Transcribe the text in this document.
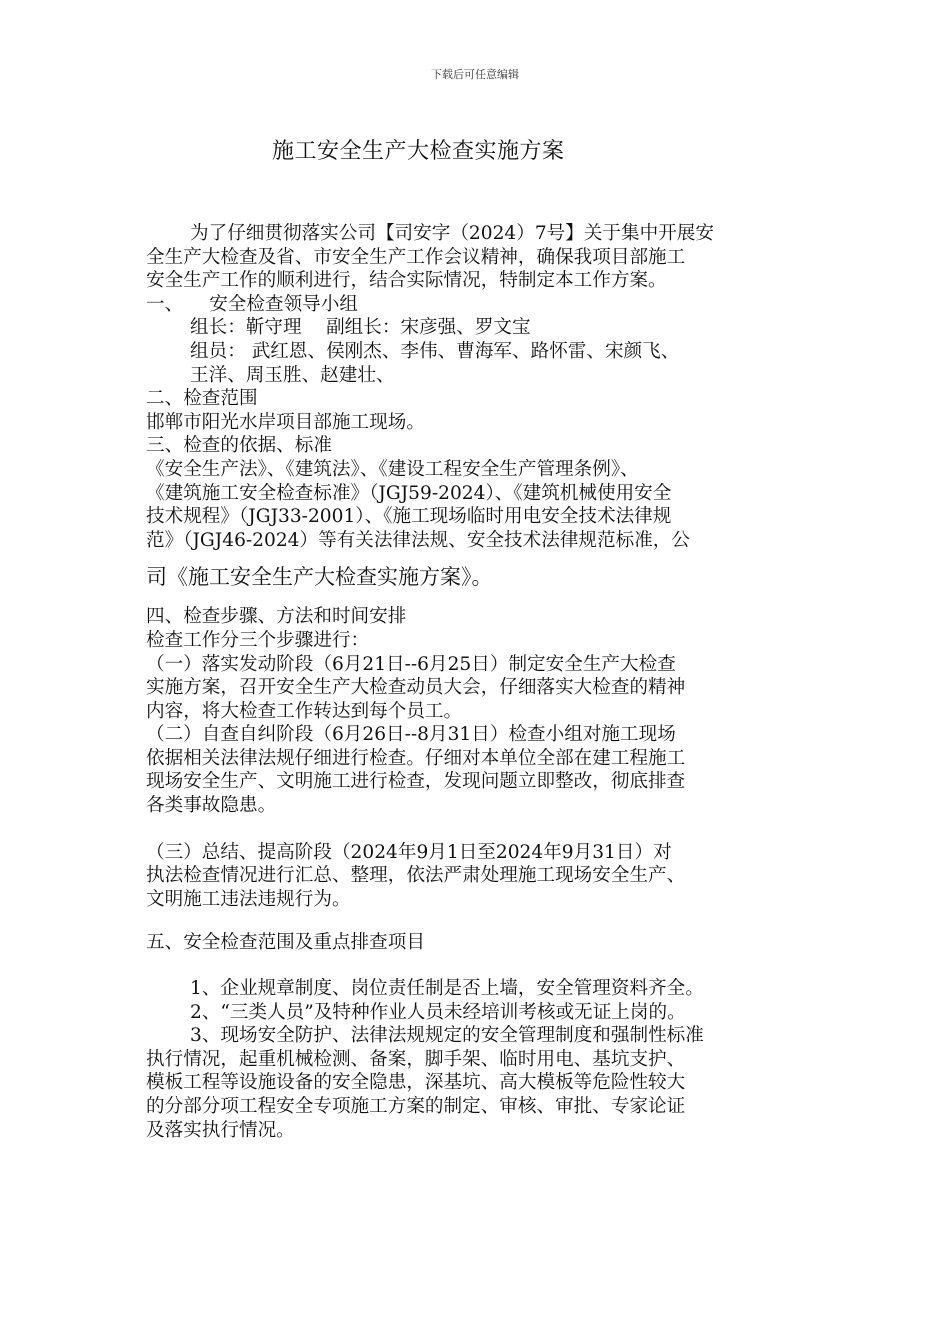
下载后可任意编辑
施工安全生产大检查实施方案

为了仔细贯彻落实公司【司安字（2024）7号】关于集中开展安

全生产大检查及省、市安全生产工作会议精神，确保我项目部施工

安全生产工作的顺利进行，结合实际情况，特制定本工作方案。

一、 安全检查领导小组

组长：靳守理　 副组长：宋彦强、罗文宝

组员： 武红恩、侯刚杰、李伟、曹海军、路怀雷、宋颜飞、

王洋、周玉胜、赵建壮、

二、检查范围

邯郸市阳光水岸项目部施工现场。

三、检查的依据、标准

《安全生产法》、《建筑法》、《建设工程安全生产管理条例》、

《建筑施工安全检查标准》（JGJ59-2024）、《建筑机械使用安全

技术规程》（JGJ33-2001）、《施工现场临时用电安全技术法律规

范》（JGJ46-2024）等有关法律法规、安全技术法律规范标准，公

司《施工安全生产大检查实施方案》。

四、检查步骤、方法和时间安排

检查工作分三个步骤进行：

（一）落实发动阶段（6月21日--6月25日）制定安全生产大检查

实施方案，召开安全生产大检查动员大会，仔细落实大检查的精神

内容，将大检查工作转达到每个员工。

（二）自查自纠阶段（6月26日--8月31日）检查小组对施工现场

依据相关法律法规仔细进行检查。仔细对本单位全部在建工程施工

现场安全生产、文明施工进行检查，发现问题立即整改，彻底排查

各类事故隐患。

（三）总结、提高阶段（2024年9月1日至2024年9月31日）对

执法检查情况进行汇总、整理，依法严肃处理施工现场安全生产、

文明施工违法违规行为。

五、安全检查范围及重点排查项目

1、企业规章制度、岗位责任制是否上墙，安全管理资料齐全。

2、“三类人员”及特种作业人员未经培训考核或无证上岗的。

3、现场安全防护、法律法规规定的安全管理制度和强制性标准

执行情况，起重机械检测、备案，脚手架、临时用电、基坑支护、

模板工程等设施设备的安全隐患，深基坑、高大模板等危险性较大

的分部分项工程安全专项施工方案的制定、审核、审批、专家论证

及落实执行情况。
